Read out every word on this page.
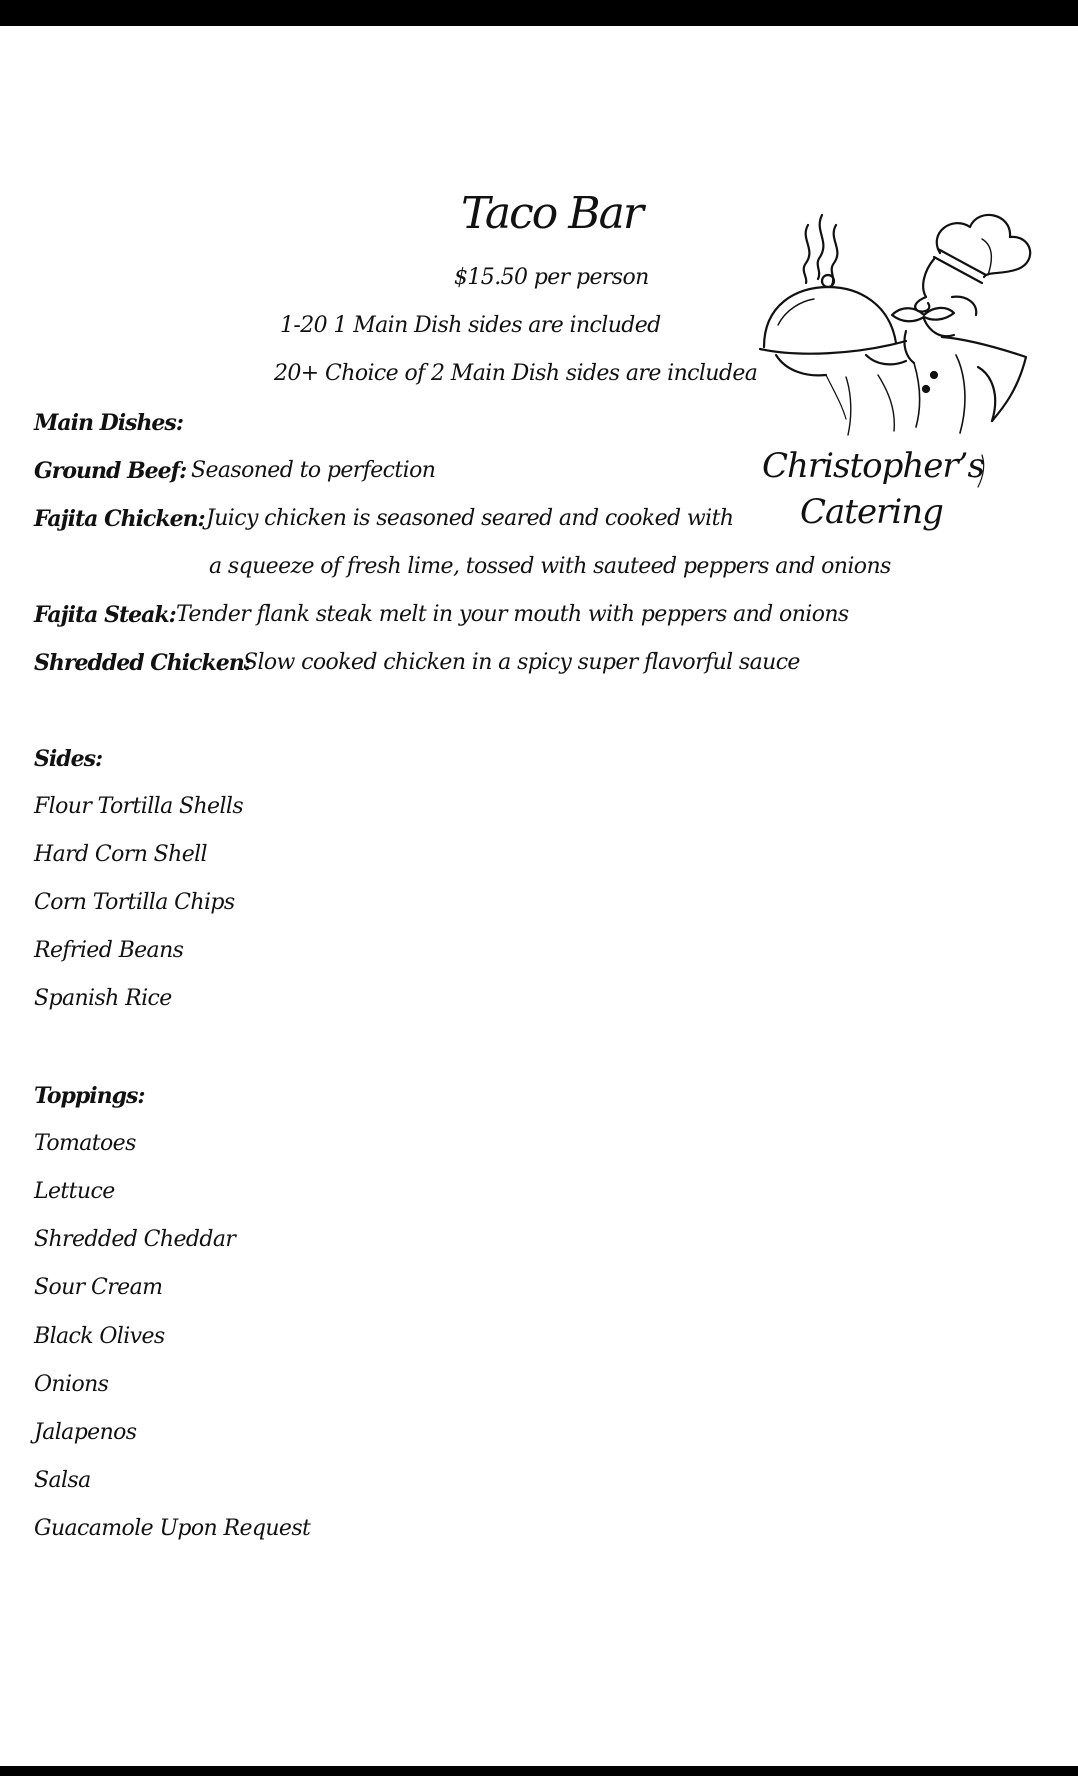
Taco Bar
$15.50 per person
1-20 1 Main Dish sides are included
20+ Choice of 2 Main Dish sides are includea
Main Dishes:
Ground Beef: Seasoned to perfection
Fajita Chicken: Juicy chicken is seasoned seared and cooked with
a squeeze of fresh lime, tossed with sauteed peppers and onions
Fajita Steak: Tender flank steak melt in your mouth with peppers and onions
Shredded Chicken:
Slow cooked chicken in a spicy super flavorful sauce
Sides:
Flour Tortilla Shells
Hard Corn Shell
Corn Tortilla Chips
Refried Beans
Spanish Rice
Toppings:
Tomatoes
Lettuce
Shredded Cheddar
Sour Cream
Black Olives
Onions
Jalapenos
Salsa
Guacamole Upon Request
Christopher’s
Catering
